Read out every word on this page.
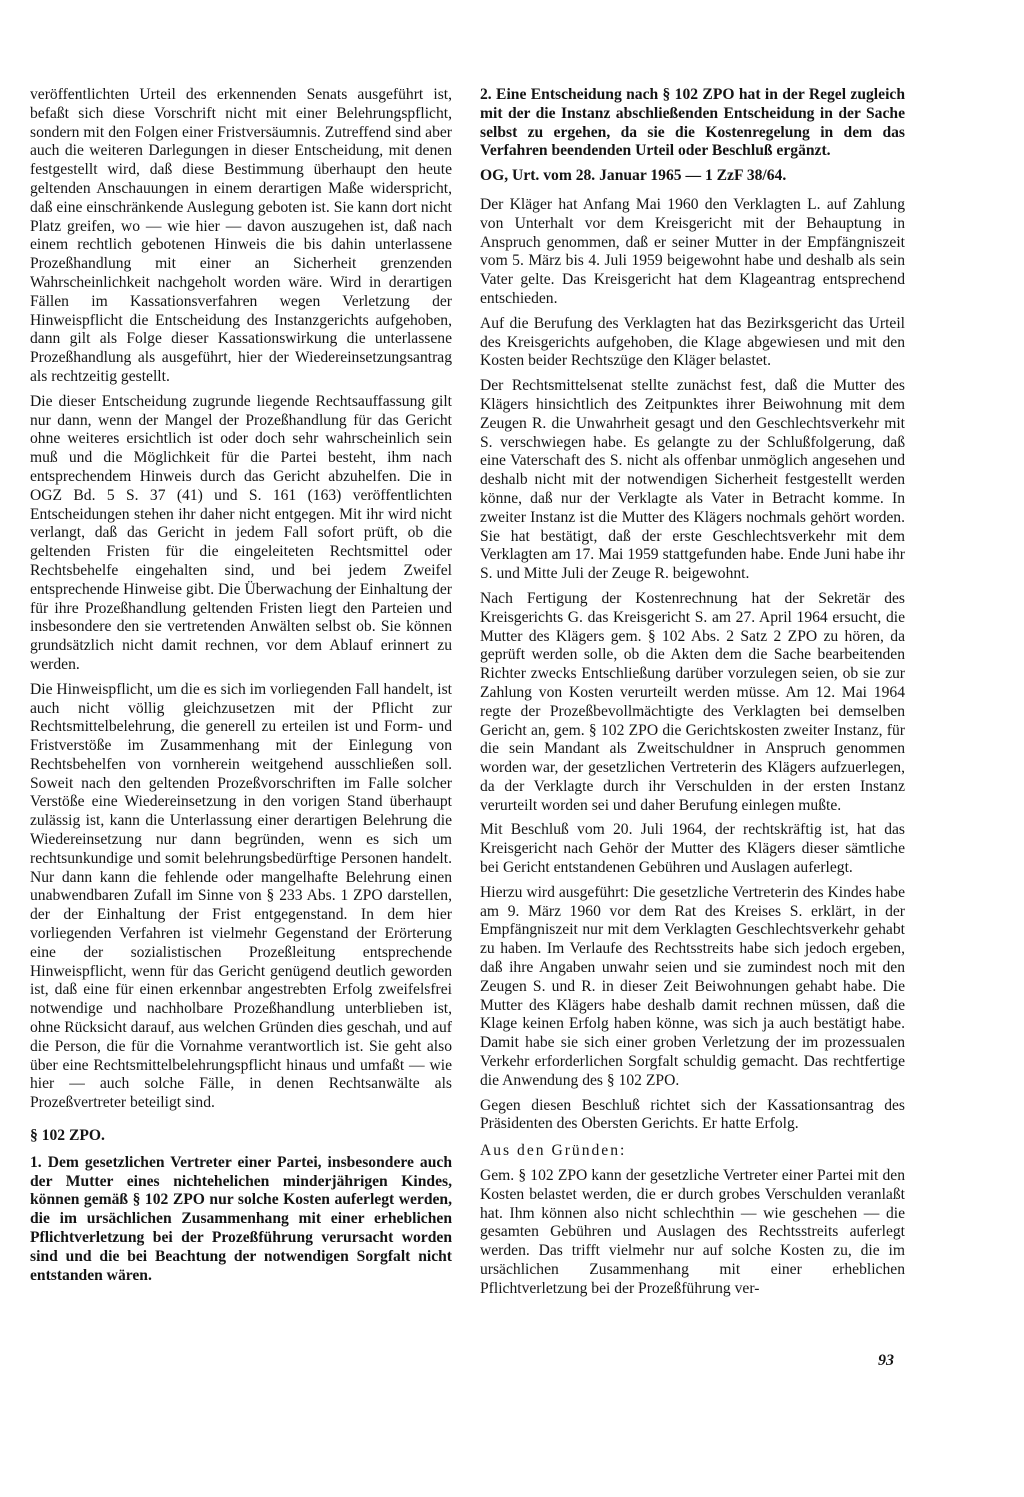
veröffentlichten Urteil des erkennenden Senats ausgeführt ist, befaßt sich diese Vorschrift nicht mit einer Belehrungspflicht, sondern mit den Folgen einer Fristversäumnis. Zutreffend sind aber auch die weiteren Darlegungen in dieser Entscheidung, mit denen festgestellt wird, daß diese Bestimmung überhaupt den heute geltenden Anschauungen in einem derartigen Maße widerspricht, daß eine einschränkende Auslegung geboten ist. Sie kann dort nicht Platz greifen, wo — wie hier — davon auszugehen ist, daß nach einem rechtlich gebotenen Hinweis die bis dahin unterlassene Prozeßhandlung mit einer an Sicherheit grenzenden Wahrscheinlichkeit nachgeholt worden wäre. Wird in derartigen Fällen im Kassationsverfahren wegen Verletzung der Hinweispflicht die Entscheidung des Instanzgerichts aufgehoben, dann gilt als Folge dieser Kassationswirkung die unterlassene Prozeßhandlung als ausgeführt, hier der Wiedereinsetzungsantrag als rechtzeitig gestellt.

Die dieser Entscheidung zugrunde liegende Rechtsauffassung gilt nur dann, wenn der Mangel der Prozeßhandlung für das Gericht ohne weiteres ersichtlich ist oder doch sehr wahrscheinlich sein muß und die Möglichkeit für die Partei besteht, ihm nach entsprechendem Hinweis durch das Gericht abzuhelfen. Die in OGZ Bd. 5 S. 37 (41) und S. 161 (163) veröffentlichten Entscheidungen stehen ihr daher nicht entgegen. Mit ihr wird nicht verlangt, daß das Gericht in jedem Fall sofort prüft, ob die geltenden Fristen für die eingeleiteten Rechtsmittel oder Rechtsbehelfe eingehalten sind, und bei jedem Zweifel entsprechende Hinweise gibt. Die Überwachung der Einhaltung der für ihre Prozeßhandlung geltenden Fristen liegt den Parteien und insbesondere den sie vertretenden Anwälten selbst ob. Sie können grundsätzlich nicht damit rechnen, vor dem Ablauf erinnert zu werden.

Die Hinweispflicht, um die es sich im vorliegenden Fall handelt, ist auch nicht völlig gleichzusetzen mit der Pflicht zur Rechtsmittelbelehrung, die generell zu erteilen ist und Form- und Fristverstöße im Zusammenhang mit der Einlegung von Rechtsbehelfen von vornherein weitgehend ausschließen soll. Soweit nach den geltenden Prozeßvorschriften im Falle solcher Verstöße eine Wiedereinsetzung in den vorigen Stand überhaupt zulässig ist, kann die Unterlassung einer derartigen Belehrung die Wiedereinsetzung nur dann begründen, wenn es sich um rechtsunkundige und somit belehrungsbedürftige Personen handelt. Nur dann kann die fehlende oder mangelhafte Belehrung einen unabwendbaren Zufall im Sinne von § 233 Abs. 1 ZPO darstellen, der der Einhaltung der Frist entgegenstand. In dem hier vorliegenden Verfahren ist vielmehr Gegenstand der Erörterung eine der sozialistischen Prozeßleitung entsprechende Hinweispflicht, wenn für das Gericht genügend deutlich geworden ist, daß eine für einen erkennbar angestrebten Erfolg zweifelsfrei notwendige und nachholbare Prozeßhandlung unterblieben ist, ohne Rücksicht darauf, aus welchen Gründen dies geschah, und auf die Person, die für die Vornahme verantwortlich ist. Sie geht also über eine Rechtsmittelbelehrungspflicht hinaus und umfaßt — wie hier — auch solche Fälle, in denen Rechtsanwälte als Prozeßvertreter beteiligt sind.

§ 102 ZPO.

1. Dem gesetzlichen Vertreter einer Partei, insbesondere auch der Mutter eines nichtehelichen minderjährigen Kindes, können gemäß § 102 ZPO nur solche Kosten auferlegt werden, die im ursächlichen Zusammenhang mit einer erheblichen Pflichtverletzung bei der Prozeßführung verursacht worden sind und die bei Beachtung der notwendigen Sorgfalt nicht entstanden wären.

2. Eine Entscheidung nach § 102 ZPO hat in der Regel zugleich mit der die Instanz abschließenden Entscheidung in der Sache selbst zu ergehen, da sie die Kostenregelung in dem das Verfahren beendenden Urteil oder Beschluß ergänzt.

OG, Urt. vom 28. Januar 1965 — 1 ZzF 38/64.

Der Kläger hat Anfang Mai 1960 den Verklagten L. auf Zahlung von Unterhalt vor dem Kreisgericht mit der Behauptung in Anspruch genommen, daß er seiner Mutter in der Empfängniszeit vom 5. März bis 4. Juli 1959 beigewohnt habe und deshalb als sein Vater gelte. Das Kreisgericht hat dem Klageantrag entsprechend entschieden.

Auf die Berufung des Verklagten hat das Bezirksgericht das Urteil des Kreisgerichts aufgehoben, die Klage abgewiesen und mit den Kosten beider Rechtszüge den Kläger belastet.

Der Rechtsmittelsenat stellte zunächst fest, daß die Mutter des Klägers hinsichtlich des Zeitpunktes ihrer Beiwohnung mit dem Zeugen R. die Unwahrheit gesagt und den Geschlechtsverkehr mit S. verschwiegen habe. Es gelangte zu der Schlußfolgerung, daß eine Vaterschaft des S. nicht als offenbar unmöglich angesehen und deshalb nicht mit der notwendigen Sicherheit festgestellt werden könne, daß nur der Verklagte als Vater in Betracht komme. In zweiter Instanz ist die Mutter des Klägers nochmals gehört worden. Sie hat bestätigt, daß der erste Geschlechtsverkehr mit dem Verklagten am 17. Mai 1959 stattgefunden habe. Ende Juni habe ihr S. und Mitte Juli der Zeuge R. beigewohnt.

Nach Fertigung der Kostenrechnung hat der Sekretär des Kreisgerichts G. das Kreisgericht S. am 27. April 1964 ersucht, die Mutter des Klägers gem. § 102 Abs. 2 Satz 2 ZPO zu hören, da geprüft werden solle, ob die Akten dem die Sache bearbeitenden Richter zwecks Entschließung darüber vorzulegen seien, ob sie zur Zahlung von Kosten verurteilt werden müsse. Am 12. Mai 1964 regte der Prozeßbevollmächtigte des Verklagten bei demselben Gericht an, gem. § 102 ZPO die Gerichtskosten zweiter Instanz, für die sein Mandant als Zweitschuldner in Anspruch genommen worden war, der gesetzlichen Vertreterin des Klägers aufzuerlegen, da der Verklagte durch ihr Verschulden in der ersten Instanz verurteilt worden sei und daher Berufung einlegen mußte.

Mit Beschluß vom 20. Juli 1964, der rechtskräftig ist, hat das Kreisgericht nach Gehör der Mutter des Klägers dieser sämtliche bei Gericht entstandenen Gebühren und Auslagen auferlegt.

Hierzu wird ausgeführt: Die gesetzliche Vertreterin des Kindes habe am 9. März 1960 vor dem Rat des Kreises S. erklärt, in der Empfängniszeit nur mit dem Verklagten Geschlechtsverkehr gehabt zu haben. Im Verlaufe des Rechtsstreits habe sich jedoch ergeben, daß ihre Angaben unwahr seien und sie zumindest noch mit den Zeugen S. und R. in dieser Zeit Beiwohnungen gehabt habe. Die Mutter des Klägers habe deshalb damit rechnen müssen, daß die Klage keinen Erfolg haben könne, was sich ja auch bestätigt habe. Damit habe sie sich einer groben Verletzung der im prozessualen Verkehr erforderlichen Sorgfalt schuldig gemacht. Das rechtfertige die Anwendung des § 102 ZPO.

Gegen diesen Beschluß richtet sich der Kassationsantrag des Präsidenten des Obersten Gerichts. Er hatte Erfolg.

Aus den Gründen:

Gem. § 102 ZPO kann der gesetzliche Vertreter einer Partei mit den Kosten belastet werden, die er durch grobes Verschulden veranlaßt hat. Ihm können also nicht schlechthin — wie geschehen — die gesamten Gebühren und Auslagen des Rechtsstreits auferlegt werden. Das trifft vielmehr nur auf solche Kosten zu, die im ursächlichen Zusammenhang mit einer erheblichen Pflichtverletzung bei der Prozeßführung ver-

93
